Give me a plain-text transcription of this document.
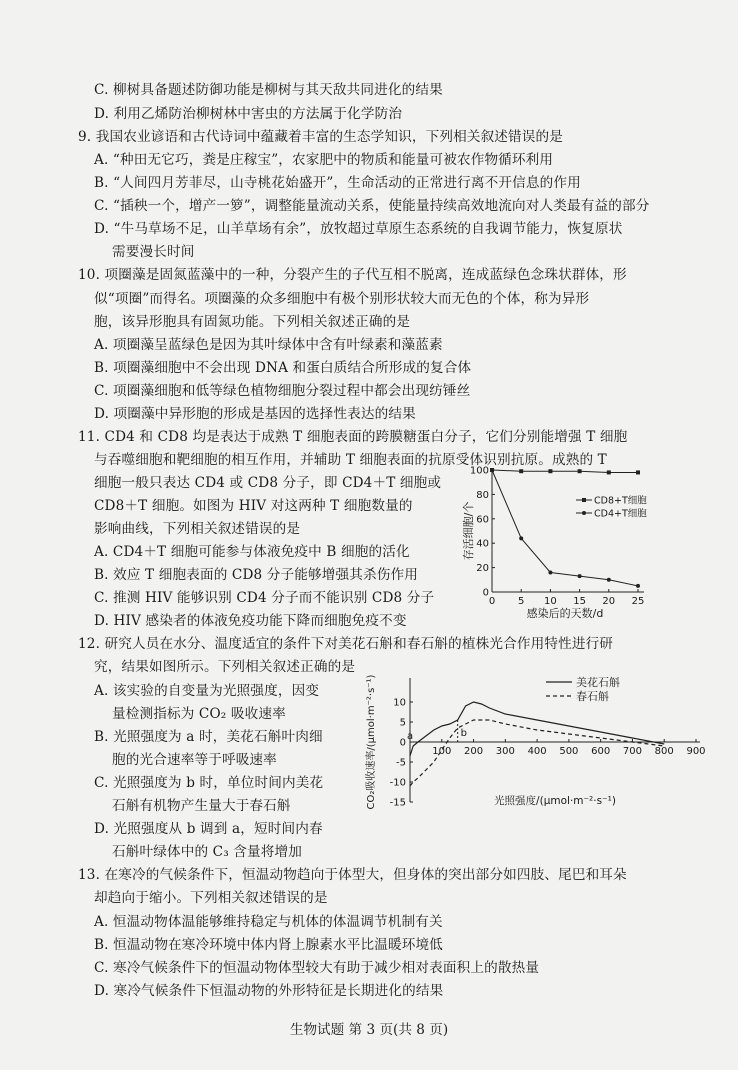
C. 柳树具备题述防御功能是柳树与其天敌共同进化的结果
D. 利用乙烯防治柳树林中害虫的方法属于化学防治
9. 我国农业谚语和古代诗词中蕴藏着丰富的生态学知识，下列相关叙述错误的是
A. “种田无它巧，粪是庄稼宝”，农家肥中的物质和能量可被农作物循环利用
B. “人间四月芳菲尽，山寺桃花始盛开”，生命活动的正常进行离不开信息的作用
C. “插秧一个，增产一箩”，调整能量流动关系，使能量持续高效地流向对人类最有益的部分
D. “牛马草场不足，山羊草场有余”，放牧超过草原生态系统的自我调节能力，恢复原状
需要漫长时间
10. 项圈藻是固氮蓝藻中的一种，分裂产生的子代互相不脱离，连成蓝绿色念珠状群体，形
似“项圈”而得名。项圈藻的众多细胞中有极个别形状较大而无色的个体，称为异形
胞，该异形胞具有固氮功能。下列相关叙述正确的是
A. 项圈藻呈蓝绿色是因为其叶绿体中含有叶绿素和藻蓝素
B. 项圈藻细胞中不会出现 DNA 和蛋白质结合所形成的复合体
C. 项圈藻细胞和低等绿色植物细胞分裂过程中都会出现纺锤丝
D. 项圈藻中异形胞的形成是基因的选择性表达的结果
11. CD4 和 CD8 均是表达于成熟 T 细胞表面的跨膜糖蛋白分子，它们分别能增强 T 细胞
与吞噬细胞和靶细胞的相互作用，并辅助 T 细胞表面的抗原受体识别抗原。成熟的 T
细胞一般只表达 CD4 或 CD8 分子，即 CD4＋T 细胞或
CD8＋T 细胞。如图为 HIV 对这两种 T 细胞数量的
影响曲线，下列相关叙述错误的是
A. CD4＋T 细胞可能参与体液免疫中 B 细胞的活化
B. 效应 T 细胞表面的 CD8 分子能够增强其杀伤作用
C. 推测 HIV 能够识别 CD4 分子而不能识别 CD8 分子
D. HIV 感染者的体液免疫功能下降而细胞免疫不变
0
20
40
60
80
100
0 5 10 15 20 25
感染后的天数/d
存活细胞/个
CD8+T细胞
CD4+T细胞
12. 研究人员在水分、温度适宜的条件下对美花石斛和春石斛的植株光合作用特性进行研
究，结果如图所示。下列相关叙述正确的是
A. 该实验的自变量为光照强度，因变
量检测指标为 CO₂ 吸收速率
B. 光照强度为 a 时，美花石斛叶肉细
胞的光合速率等于呼吸速率
C. 光照强度为 b 时，单位时间内美花
石斛有机物产生量大于春石斛
D. 光照强度从 b 调到 a，短时间内春
石斛叶绿体中的 C₃ 含量将增加
10
5
0
-5
-10
-15
100 200 300 400 500 600 700 800 900
光照强度/(μmol·m⁻²·s⁻¹)
CO₂吸收速率/(μmol·m⁻²·s⁻¹)	美花石斛
春石斛
a	b
13. 在寒冷的气候条件下，恒温动物趋向于体型大，但身体的突出部分如四肢、尾巴和耳朵
却趋向于缩小。下列相关叙述错误的是
A. 恒温动物体温能够维持稳定与机体的体温调节机制有关
B. 恒温动物在寒冷环境中体内肾上腺素水平比温暖环境低
C. 寒冷气候条件下的恒温动物体型较大有助于减少相对表面积上的散热量
D. 寒冷气候条件下恒温动物的外形特征是长期进化的结果
生物试题 第 3 页(共 8 页)
